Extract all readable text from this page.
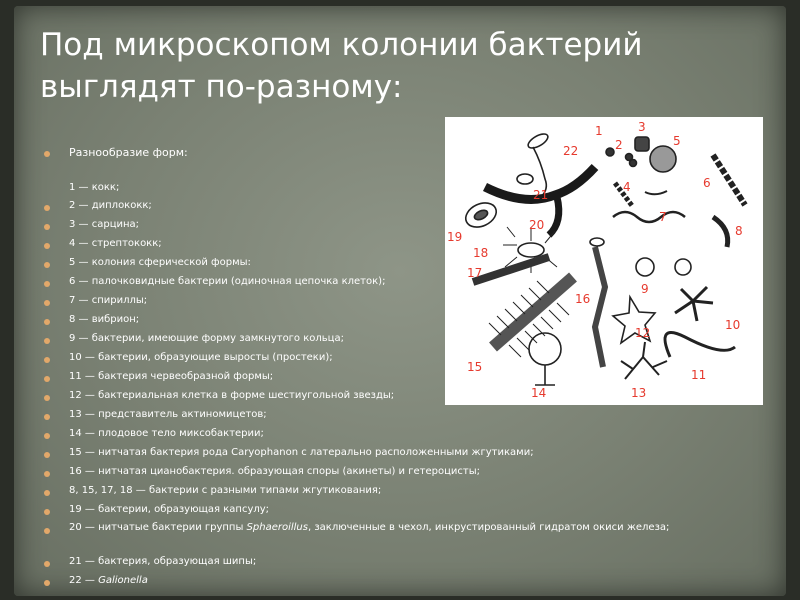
Под микроскопом колонии бактерий выглядят по-разному:
1
2
3
4
5
6
7
8
9
10
11
12
13
14
15
16
17
18
19
20
21
22
Разнообразие форм:
1 — кокк;
2 — диплококк;
3 — сарцина;
4 — стрептококк;
5 — колония сферической формы:
6 — палочковидные бактерии (одиночная цепочка клеток);
7 — спириллы;
8 — вибрион;
9 — бактерии, имеющие форму замкнутого кольца;
10 — бактерии, образующие выросты (простеки);
11 — бактерия червеобразной формы;
12 — бактериальная клетка в форме шестиугольной звезды;
13 — представитель актиномицетов;
14 — плодовое тело миксобактерии;
15 — нитчатая бактерия рода Caryophanon с латерально расположенными жгутиками;
16 — нитчатая цианобактерия. образующая споры (акинеты) и гетероцисты;
8, 15, 17, 18 — бактерии с разными типами жгутикования;
19 — бактерии, образующая капсулу;
20 — нитчатые бактерии группы Sphaeroillus, заключенные в чехол, инкрустированный гидратом окиси железа;
21 — бактерия, образующая шипы;
22 — Galionella
